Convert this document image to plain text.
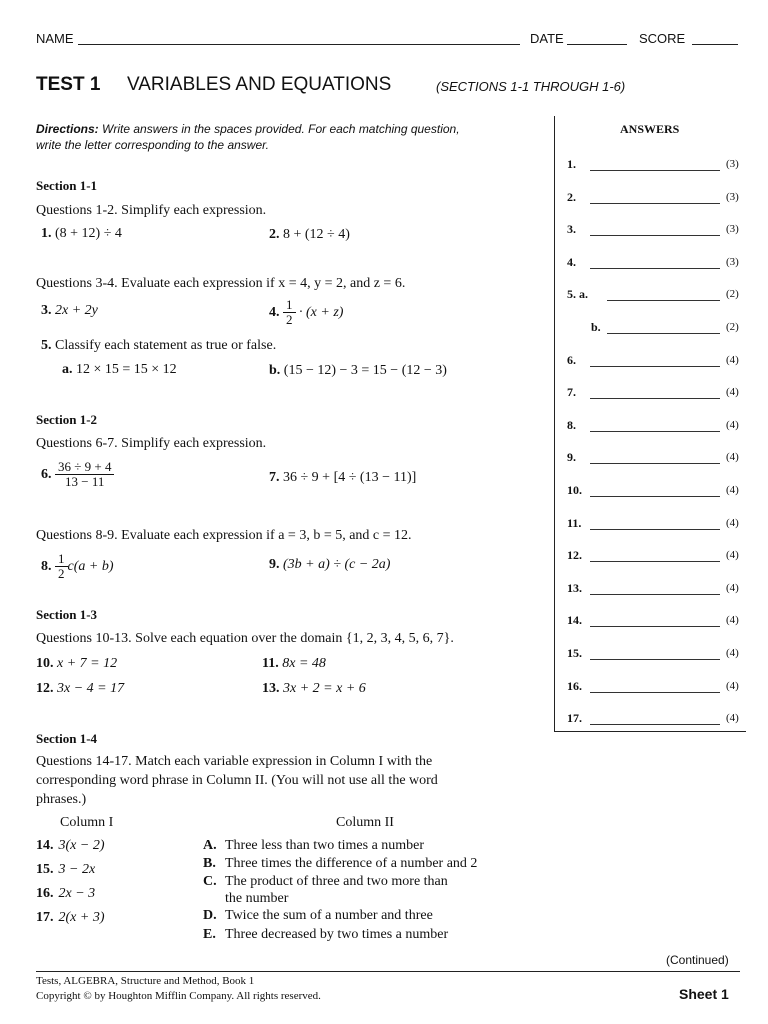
NAME	DATE	SCORE
TEST 1 VARIABLES AND EQUATIONS	(SECTIONS 1-1 THROUGH 1-6)
Directions: Write answers in the spaces provided. For each matching question,
write the letter corresponding to the answer.
Section 1-1
Questions 1-2. Simplify each expression.
1. (8 + 12) ÷ 4	2. 8 + (12 ÷ 4)
Questions 3-4. Evaluate each expression if x = 4, y = 2, and z = 6.
3. 2x + 2y	4. $\frac{1}{2} \cdot (x + z)$
5. Classify each statement as true or false.
a. 12 × 15 = 15 × 12	b. (15 − 12) − 3 = 15 − (12 − 3)
Section 1-2
Questions 6-7. Simplify each expression.
6. $\frac{36 \div 9 + 4}{13 - 11}$	7. 36 ÷ 9 + [4 ÷ (13 − 11)]
Questions 8-9. Evaluate each expression if a = 3, b = 5, and c = 12.
8. $\frac{1}{2} c(a + b)$	9. (3b + a) ÷ (c − 2a)
Section 1-3
Questions 10-13. Solve each equation over the domain {1, 2, 3, 4, 5, 6, 7}.
10. x + 7 = 12	11. 8x = 48
12. 3x − 4 = 17	13. 3x + 2 = x + 6
Section 1-4
Questions 14-17. Match each variable expression in Column I with the
corresponding word phrase in Column II. (You will not use all the word
phrases.)
Column I	Column II
14. 3(x − 2)
15. 3 − 2x
16. 2x − 3
17. 2(x + 3)
A. Three less than two times a number
B. Three times the difference of a number and 2
C. The product of three and two more than
the number
D. Twice the sum of a number and three
E. Three decreased by two times a number
ANSWERS
1.	(3)
2.	(3)
3.	(3)
4.	(3)
5. a.	(2)
b.	(2)
6.	(4)
7.	(4)
8.	(4)
9.	(4)
10.	(4)
11.	(4)
12.	(4)
13.	(4)
14.	(4)
15.	(4)
16.	(4)
17.	(4)
(Continued)
Tests, ALGEBRA, Structure and Method, Book 1
Copyright © by Houghton Mifflin Company. All rights reserved.	Sheet 1
